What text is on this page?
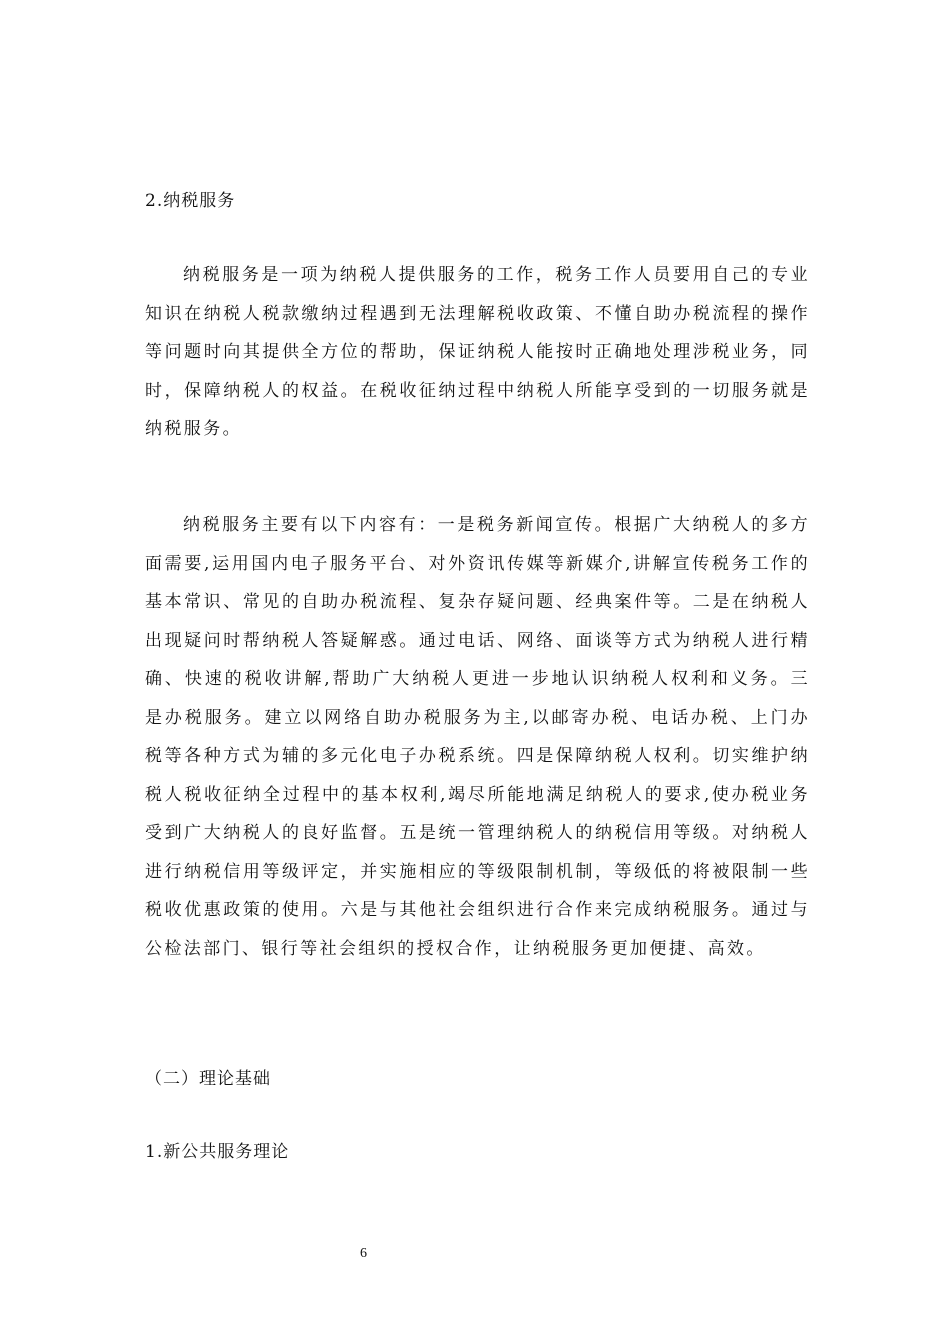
2.纳税服务

纳税服务是一项为纳税人提供服务的工作，税务工作人员要用自己的专业知识在纳税人税款缴纳过程遇到无法理解税收政策、不懂自助办税流程的操作等问题时向其提供全方位的帮助，保证纳税人能按时正确地处理涉税业务，同时，保障纳税人的权益。在税收征纳过程中纳税人所能享受到的一切服务就是纳税服务。

纳税服务主要有以下内容有：一是税务新闻宣传。根据广大纳税人的多方面需要,运用国内电子服务平台、对外资讯传媒等新媒介,讲解宣传税务工作的基本常识、常见的自助办税流程、复杂存疑问题、经典案件等。二是在纳税人出现疑问时帮纳税人答疑解惑。通过电话、网络、面谈等方式为纳税人进行精确、快速的税收讲解,帮助广大纳税人更进一步地认识纳税人权利和义务。三是办税服务。建立以网络自助办税服务为主,以邮寄办税、电话办税、上门办税等各种方式为辅的多元化电子办税系统。四是保障纳税人权利。切实维护纳税人税收征纳全过程中的基本权利,竭尽所能地满足纳税人的要求,使办税业务受到广大纳税人的良好监督。五是统一管理纳税人的纳税信用等级。对纳税人进行纳税信用等级评定，并实施相应的等级限制机制，等级低的将被限制一些税收优惠政策的使用。六是与其他社会组织进行合作来完成纳税服务。通过与公检法部门、银行等社会组织的授权合作，让纳税服务更加便捷、高效。

（二）理论基础
1.新公共服务理论
6
